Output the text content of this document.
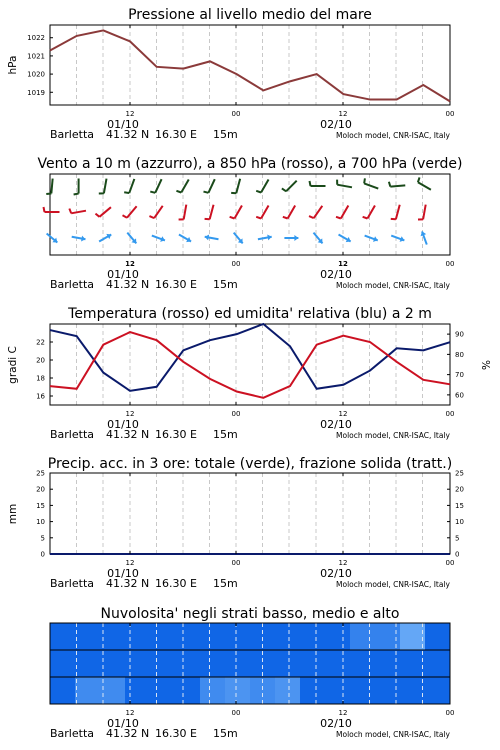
Pressione al livello medio del mare
hPa
1019
1020
1021
1022
12	00	12	00
01/10	02/10
Barletta 41.32 N 16.30 E 15m	Moloch model, CNR-ISAC, Italy
Vento a 10 m (azzurro), a 850 hPa (rosso), a 700 hPa (verde)
12	00	12	00
01/10	02/10
Barletta 41.32 N 16.30 E 15m	Moloch model, CNR-ISAC, Italy
Temperatura (rosso) ed umidita' relativa (blu) a 2 m
gradi C	%
16
18
20
22
60
70
80
90
12	00	12	00
01/10	02/10
Barletta 41.32 N 16.30 E 15m	Moloch model, CNR-ISAC, Italy
Precip. acc. in 3 ore: totale (verde), frazione solida (tratt.)
mm
0
5
10
15
20
25
0
5
10
15
20
25
12	00	12	00
01/10	02/10
Barletta 41.32 N 16.30 E 15m	Moloch model, CNR-ISAC, Italy
Nuvolosita' negli strati basso, medio e alto
12	00	12	00
01/10	02/10
Barletta 41.32 N 16.30 E 15m	Moloch model, CNR-ISAC, Italy
